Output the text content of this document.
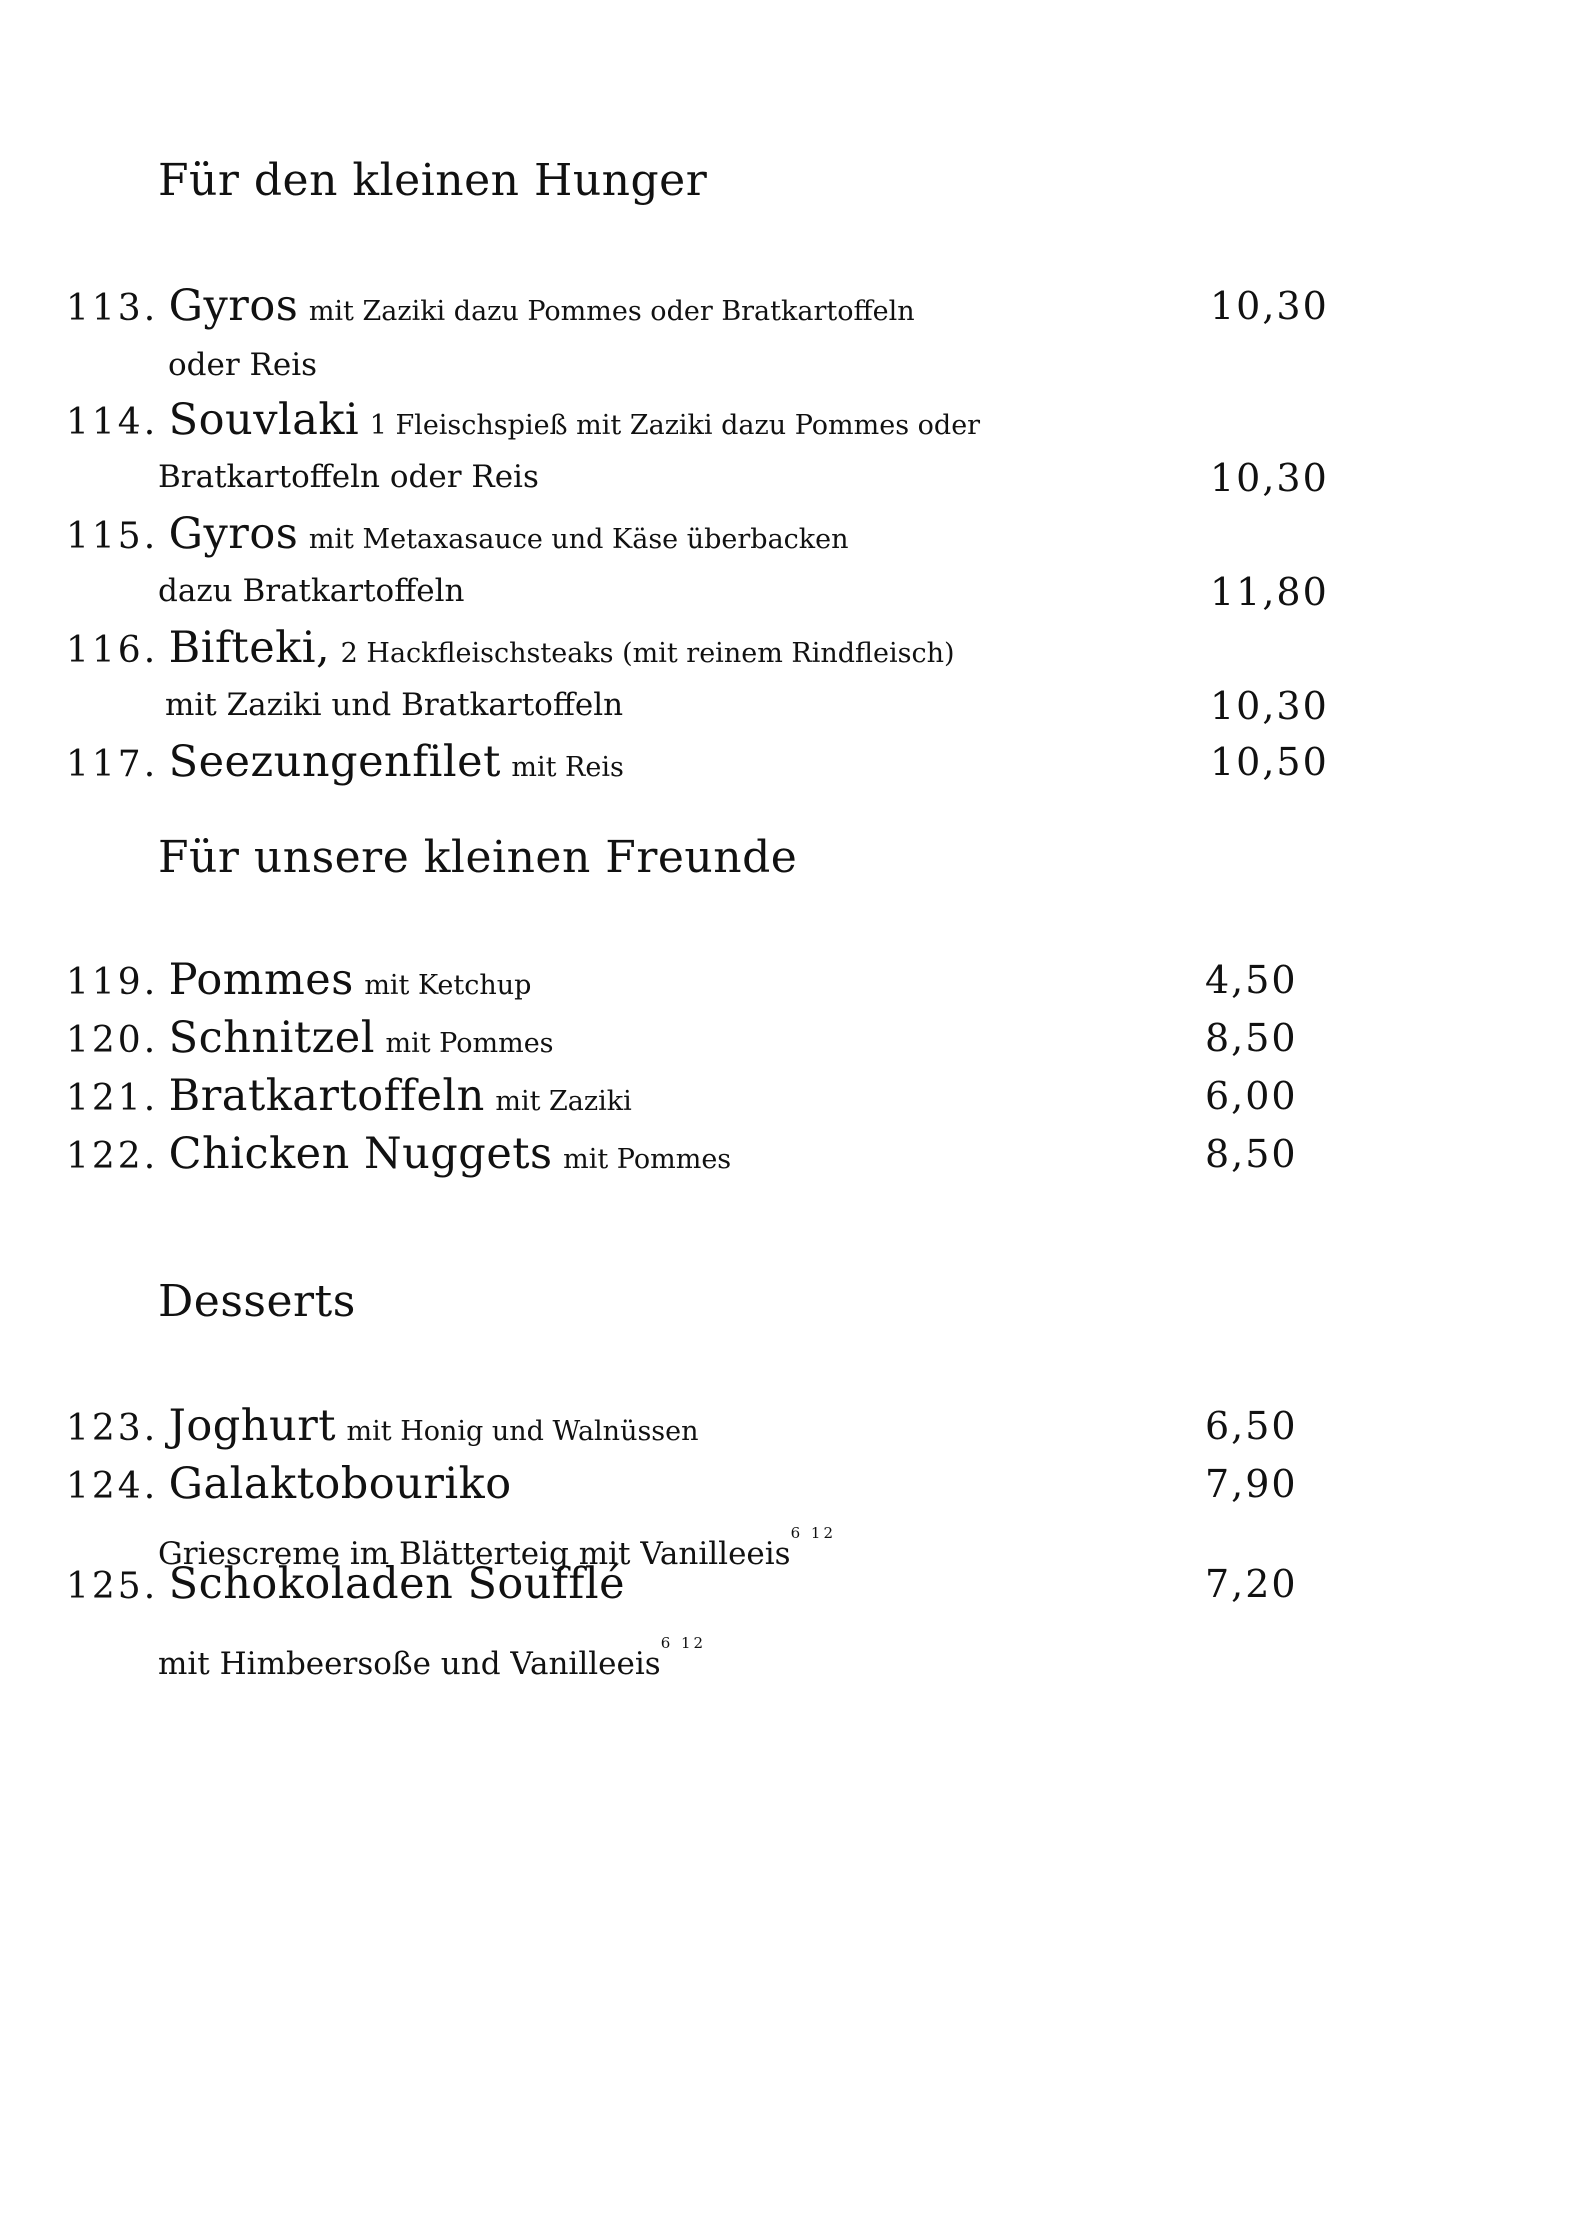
Für den kleinen Hunger
113. Gyros mit Zaziki dazu Pommes oder Bratkartoffeln	10,30
oder Reis
114. Souvlaki 1 Fleischspieß mit Zaziki dazu Pommes oder
Bratkartoffeln oder Reis	10,30
115. Gyros mit Metaxasauce und Käse überbacken
dazu Bratkartoffeln	11,80
116. Bifteki, 2 Hackfleischsteaks (mit reinem Rindfleisch)
mit Zaziki und Bratkartoffeln	10,30
117. Seezungenfilet mit Reis	10,50
Für unsere kleinen Freunde
119. Pommes mit Ketchup	4,50
120. Schnitzel mit Pommes	8,50
121. Bratkartoffeln mit Zaziki	6,00
122. Chicken Nuggets mit Pommes	8,50
Desserts
123. Joghurt mit Honig und Walnüssen	6,50
124. Galaktobouriko	7,90
Griescreme im Blätterteig mit Vanilleeis$^{6 12}$
125. Schokoladen Soufflé	7,20
mit Himbeersoße und Vanilleeis$^{6 12}$
